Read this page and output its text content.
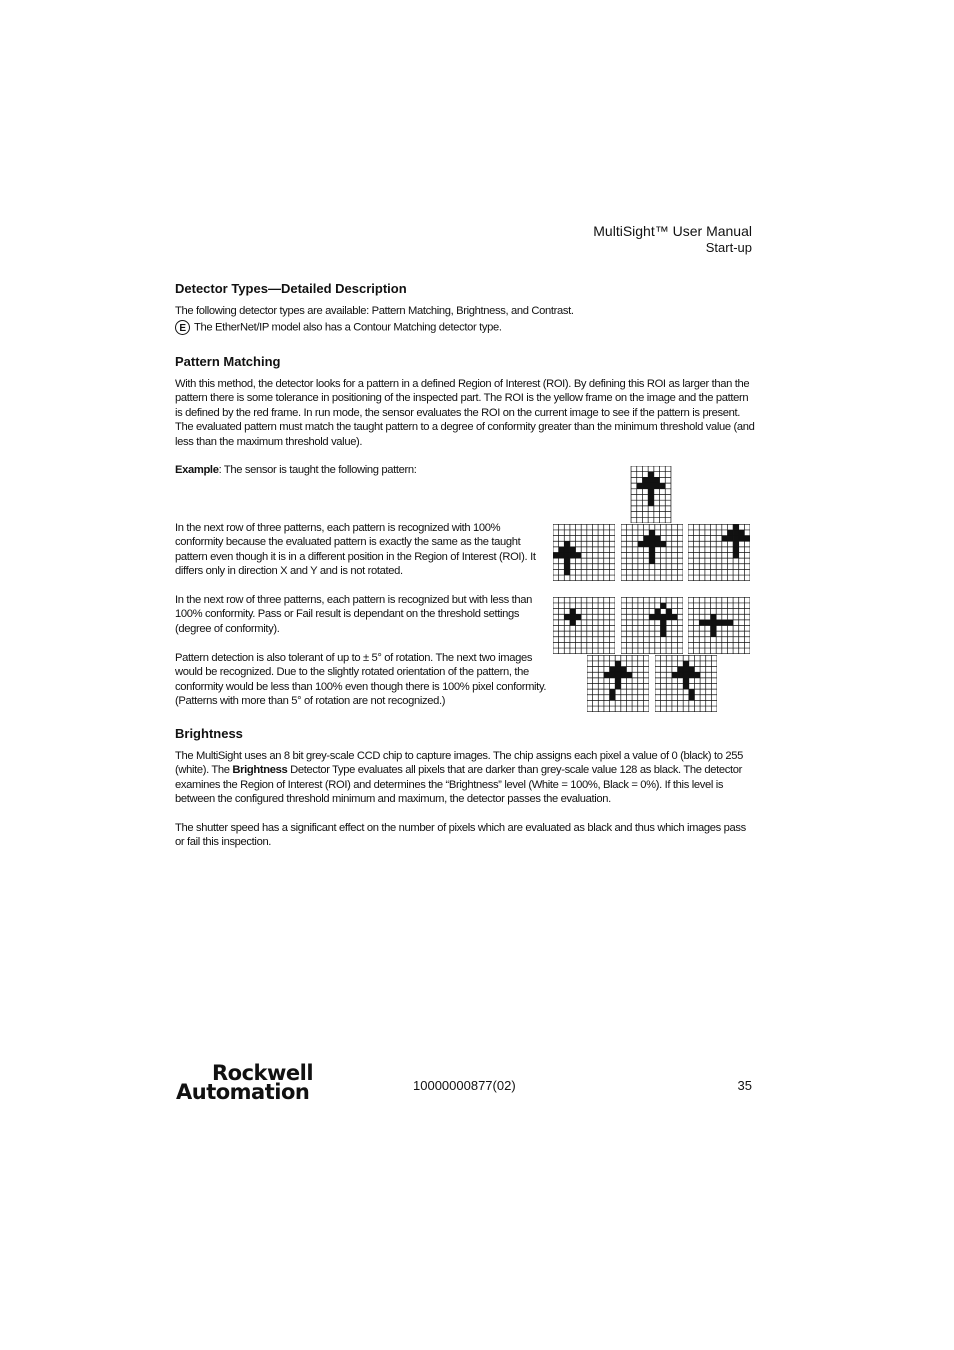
MultiSight™ User Manual
Start-up
Detector Types—Detailed Description
The following detector types are available: Pattern Matching, Brightness, and Contrast.
E The EtherNet/IP model also has a Contour Matching detector type.
Pattern Matching
With this method, the detector looks for a pattern in a defined Region of Interest (ROI). By defining this ROI as larger than the pattern there is some tolerance in positioning of the inspected part. The ROI is the yellow frame on the image and the pattern is defined by the red frame. In run mode, the sensor evaluates the ROI on the current image to see if the pattern is present. The evaluated pattern must match the taught pattern to a degree of conformity greater than the minimum threshold value (and less than the maximum threshold value).
Example: The sensor is taught the following pattern:
In the next row of three patterns, each pattern is recognized with 100% conformity because the evaluated pattern is exactly the same as the taught pattern even though it is in a different position in the Region of Interest (ROI). It differs only in direction X and Y and is not rotated.
In the next row of three patterns, each pattern is recognized but with less than 100% conformity. Pass or Fail result is dependant on the threshold settings (degree of conformity).
Pattern detection is also tolerant of up to ± 5° of rotation. The next two images would be recognized. Due to the slightly rotated orientation of the pattern, the conformity would be less than 100% even though there is 100% pixel conformity. (Patterns with more than 5° of rotation are not recognized.)
Brightness
The MultiSight uses an 8 bit grey-scale CCD chip to capture images. The chip assigns each pixel a value of 0 (black) to 255 (white). The Brightness Detector Type evaluates all pixels that are darker than grey-scale value 128 as black. The detector examines the Region of Interest (ROI) and determines the “Brightness” level (White = 100%, Black = 0%). If this level is between the configured threshold minimum and maximum, the detector passes the evaluation.
The shutter speed has a significant effect on the number of pixels which are evaluated as black and thus which images pass or fail this inspection.
Rockwell
Automation	10000000877(02)	35
